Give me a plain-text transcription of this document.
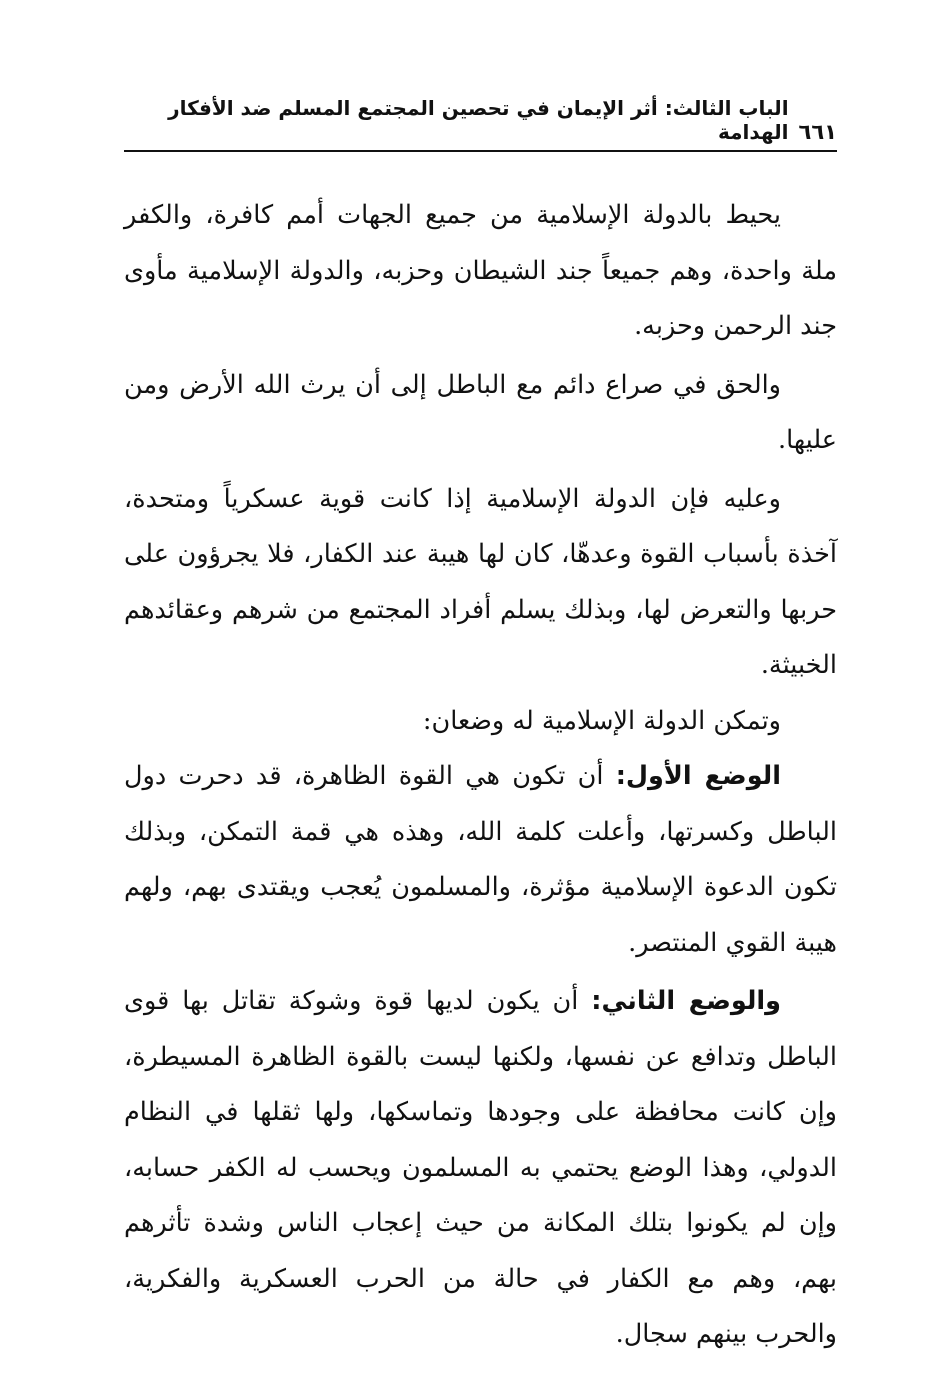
٦٦١
الباب الثالث: أثر الإيمان في تحصين المجتمع المسلم ضد الأفكار الهدامة

يحيط بالدولة الإسلامية من جميع الجهات أمم كافرة، والكفر ملة واحدة، وهم جميعاً جند الشيطان وحزبه، والدولة الإسلامية مأوى جند الرحمن وحزبه.

والحق في صراع دائم مع الباطل إلى أن يرث الله الأرض ومن عليها.

وعليه فإن الدولة الإسلامية إذا كانت قوية عسكرياً ومتحدة، آخذة بأسباب القوة وعدهّا، كان لها هيبة عند الكفار، فلا يجرؤون على حربها والتعرض لها، وبذلك يسلم أفراد المجتمع من شرهم وعقائدهم الخبيثة.

وتمكن الدولة الإسلامية له وضعان:

الوضع الأول: أن تكون هي القوة الظاهرة، قد دحرت دول الباطل وكسرتها، وأعلت كلمة الله، وهذه هي قمة التمكن، وبذلك تكون الدعوة الإسلامية مؤثرة، والمسلمون يُعجب ويقتدى بهم، ولهم هيبة القوي المنتصر.

والوضع الثاني: أن يكون لديها قوة وشوكة تقاتل بها قوى الباطل وتدافع عن نفسها، ولكنها ليست بالقوة الظاهرة المسيطرة، وإن كانت محافظة على وجودها وتماسكها، ولها ثقلها في النظام الدولي، وهذا الوضع يحتمي به المسلمون ويحسب له الكفر حسابه، وإن لم يكونوا بتلك المكانة من حيث إعجاب الناس وشدة تأثرهم بهم، وهم مع الكفار في حالة من الحرب العسكرية والفكرية، والحرب بينهم سجال.
